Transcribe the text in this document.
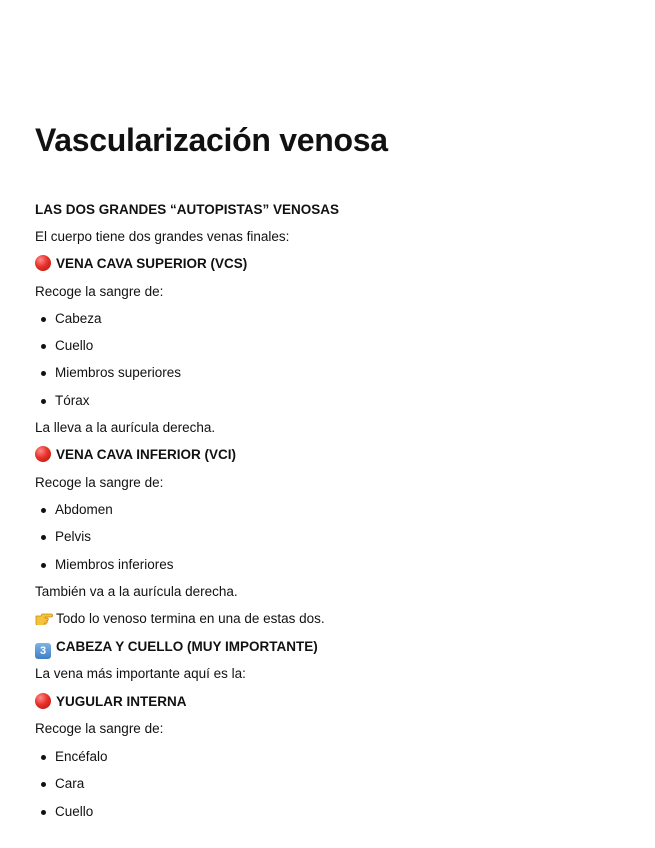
Vascularización venosa
LAS DOS GRANDES “AUTOPISTAS” VENOSAS
El cuerpo tiene dos grandes venas finales:
VENA CAVA SUPERIOR (VCS)
Recoge la sangre de:
Cabeza
Cuello
Miembros superiores
Tórax
La lleva a la aurícula derecha.
VENA CAVA INFERIOR (VCI)
Recoge la sangre de:
Abdomen
Pelvis
Miembros inferiores
También va a la aurícula derecha.
Todo lo venoso termina en una de estas dos.
3 CABEZA Y CUELLO (MUY IMPORTANTE)
La vena más importante aquí es la:
YUGULAR INTERNA
Recoge la sangre de:
Encéfalo
Cara
Cuello
